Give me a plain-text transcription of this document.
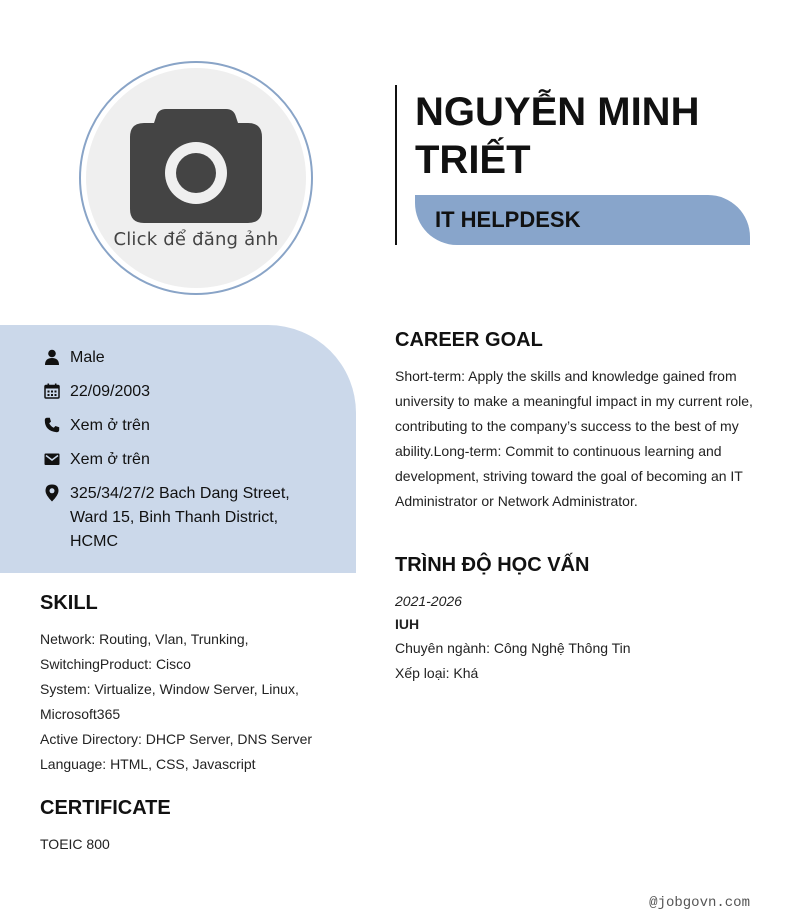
Click để đăng ảnh
NGUYỄN MINH TRIẾT
IT HELPDESK
Male
22/09/2003
Xem ở trên
Xem ở trên
325/34/27/2 Bach Dang Street, Ward 15, Binh Thanh District, HCMC
SKILL
Network: Routing, Vlan, Trunking, SwitchingProduct: Cisco
System: Virtualize, Window Server, Linux, Microsoft365
Active Directory: DHCP Server, DNS Server
Language: HTML, CSS, Javascript
CERTIFICATE

TOEIC 800

CAREER GOAL

Short-term: Apply the skills and knowledge gained from university to make a meaningful impact in my current role, contributing to the company’s success to the best of my ability.Long-term: Commit to continuous learning and development, striving toward the goal of becoming an IT Administrator or Network Administrator.

TRÌNH ĐỘ HỌC VẤN
2021-2026
IUH
Chuyên ngành: Công Nghệ Thông Tin
Xếp loại: Khá
@jobgovn.com
